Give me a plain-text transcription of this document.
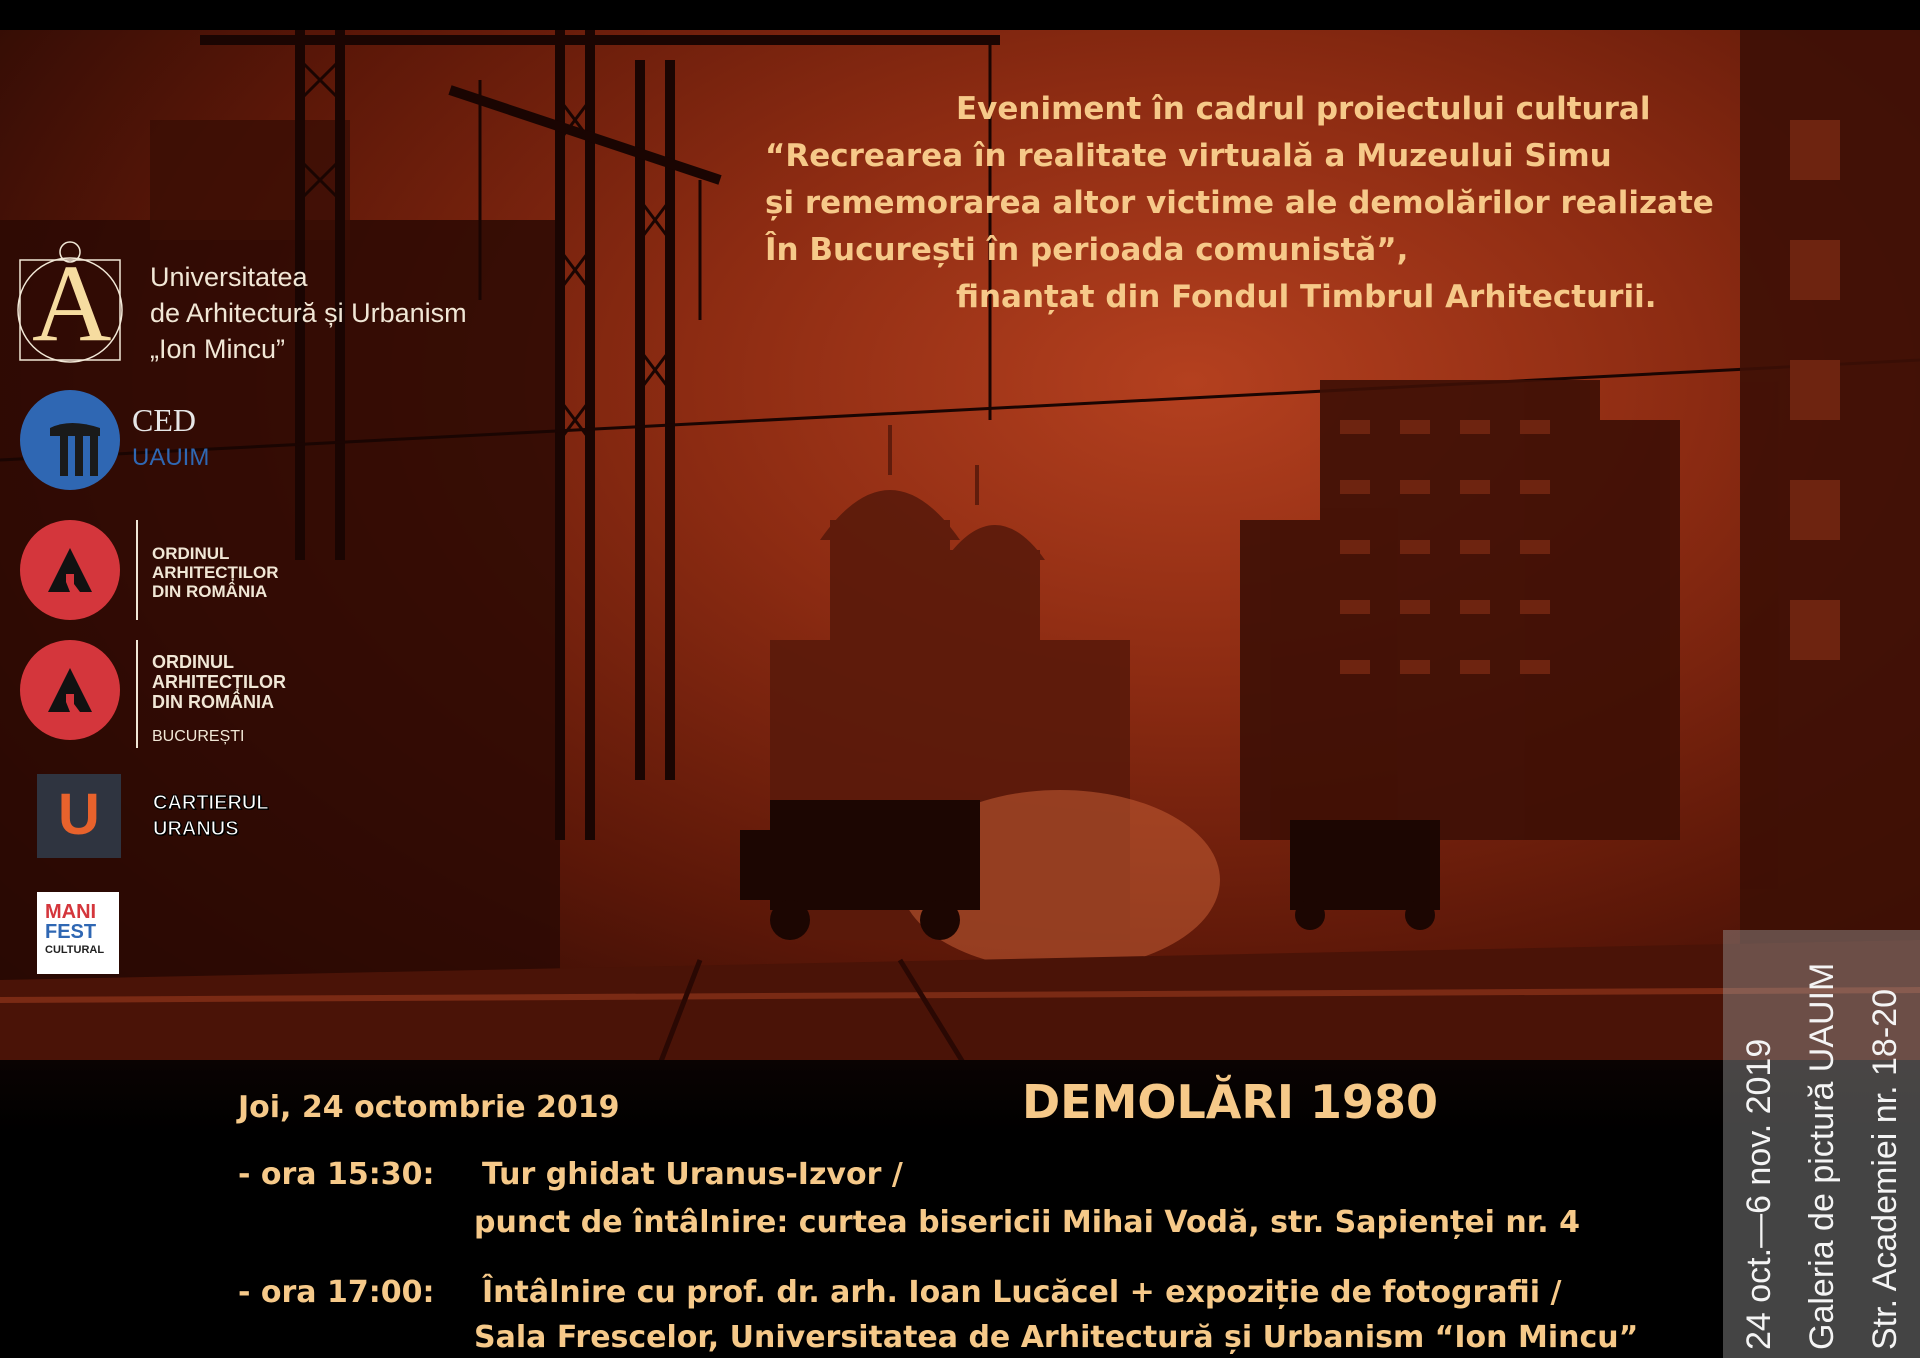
Eveniment în cadrul proiectului cultural
“Recrearea în realitate virtuală a Muzeului Simu
și rememorarea altor victime ale demolărilor realizate
În București în perioada comunistă”,
finanțat din Fondul Timbrul Arhitecturii.
A Universitatea
de Arhitectură și Urbanism
„Ion Mincu”
CED
UAUIM
ORDINUL
ARHITECȚILOR
DIN ROMÂNIA
ORDINUL
ARHITECȚILOR
DIN ROMÂNIA
BUCUREȘTI
U	CARTIERUL
URANUS
MANI
FEST
CULTURAL
DEMOLĂRI 1980
Joi, 24 octombrie 2019
- ora 15:30: Tur ghidat Uranus-Izvor /
punct de întâlnire: curtea bisericii Mihai Vodă, str. Sapienței nr. 4
- ora 17:00: Întâlnire cu prof. dr. arh. Ioan Lucăcel + expoziție de fotografii /
Sala Frescelor, Universitatea de Arhitectură și Urbanism “Ion Mincu”	24 oct.—6 nov. 2019 Galeria de pictură UAUIM Str. Academiei nr. 18-20
